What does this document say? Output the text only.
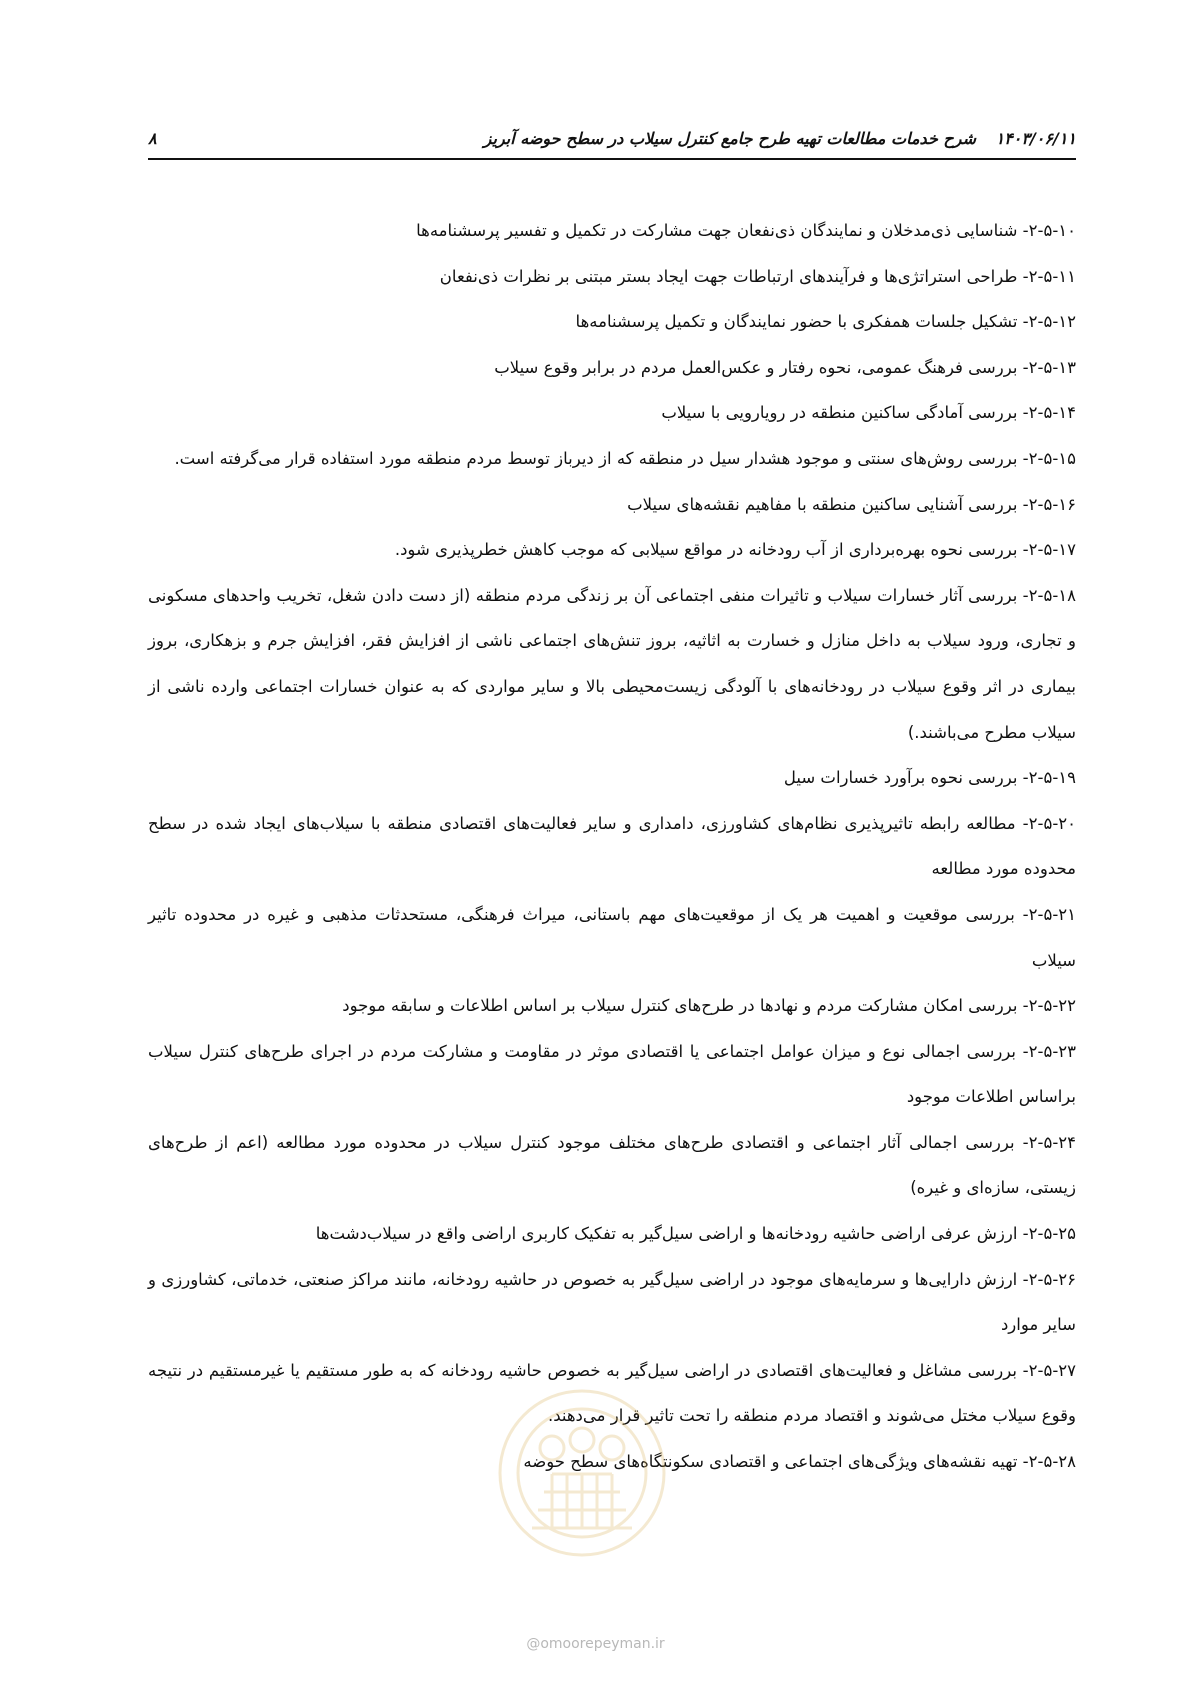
۱۴۰۳/۰۶/۱۱ شرح خدمات مطالعات تهیه طرح جامع کنترل سیلاب در سطح حوضه آبریز
۸

۲-۵-۱۰- شناسایی ذی‌مدخلان و نمایندگان ذی‌نفعان جهت مشارکت در تکمیل و تفسیر پرسشنامه‌ها

۲-۵-۱۱- طراحی استراتژی‌ها و فرآیندهای ارتباطات جهت ایجاد بستر مبتنی بر نظرات ذی‌نفعان

۲-۵-۱۲- تشکیل جلسات همفکری با حضور نمایندگان و تکمیل پرسشنامه‌ها

۲-۵-۱۳- بررسی فرهنگ عمومی، نحوه رفتار و عکس‌العمل مردم در برابر وقوع سیلاب

۲-۵-۱۴- بررسی آمادگی ساکنین منطقه در رویارویی با سیلاب

۲-۵-۱۵- بررسی روش‌های سنتی و موجود هشدار سیل در منطقه که از دیرباز توسط مردم منطقه مورد استفاده قرار می‌گرفته است.

۲-۵-۱۶- بررسی آشنایی ساکنین منطقه با مفاهیم نقشه‌های سیلاب

۲-۵-۱۷- بررسی نحوه بهره‌برداری از آب رودخانه در مواقع سیلابی که موجب کاهش خطرپذیری شود.

۲-۵-۱۸- بررسی آثار خسارات سیلاب و تاثیرات منفی اجتماعی آن بر زندگی مردم منطقه (از دست دادن شغل، تخریب واحدهای مسکونی و تجاری، ورود سیلاب به داخل منازل و خسارت به اثاثیه، بروز تنش‌های اجتماعی ناشی از افزایش فقر، افزایش جرم و بزهکاری، بروز بیماری در اثر وقوع سیلاب در رودخانه‌های با آلودگی زیست‌محیطی بالا و سایر مواردی که به عنوان خسارات اجتماعی وارده ناشی از سیلاب مطرح می‌باشند.)

۲-۵-۱۹- بررسی نحوه برآورد خسارات سیل

۲-۵-۲۰- مطالعه رابطه تاثیرپذیری نظام‌های کشاورزی، دامداری و سایر فعالیت‌های اقتصادی منطقه با سیلاب‌های ایجاد شده در سطح محدوده مورد مطالعه

۲-۵-۲۱- بررسی موقعیت و اهمیت هر یک از موقعیت‌های مهم باستانی، میراث فرهنگی، مستحدثات مذهبی و غیره در محدوده تاثیر سیلاب

۲-۵-۲۲- بررسی امکان مشارکت مردم و نهادها در طرح‌های کنترل سیلاب بر اساس اطلاعات و سابقه موجود

۲-۵-۲۳- بررسی اجمالی نوع و میزان عوامل اجتماعی یا اقتصادی موثر در مقاومت و مشارکت مردم در اجرای طرح‌های کنترل سیلاب براساس اطلاعات موجود

۲-۵-۲۴- بررسی اجمالی آثار اجتماعی و اقتصادی طرح‌های مختلف موجود کنترل سیلاب در محدوده مورد مطالعه (اعم از طرح‌های زیستی، سازه‌ای و غیره)

۲-۵-۲۵- ارزش عرفی اراضی حاشیه رودخانه‌ها و اراضی سیل‌گیر به تفکیک کاربری اراضی واقع در سیلاب‌دشت‌ها

۲-۵-۲۶- ارزش دارایی‌ها و سرمایه‌های موجود در اراضی سیل‌گیر به خصوص در حاشیه رودخانه، مانند مراکز صنعتی، خدماتی، کشاورزی و سایر موارد

۲-۵-۲۷- بررسی مشاغل و فعالیت‌های اقتصادی در اراضی سیل‌گیر به خصوص حاشیه رودخانه که به طور مستقیم یا غیرمستقیم در نتیجه وقوع سیلاب مختل می‌شوند و اقتصاد مردم منطقه را تحت تاثیر قرار می‌دهند.

۲-۵-۲۸- تهیه نقشه‌های ویژگی‌های اجتماعی و اقتصادی سکونتگاه‌های سطح حوضه

@omoorepeyman.ir
